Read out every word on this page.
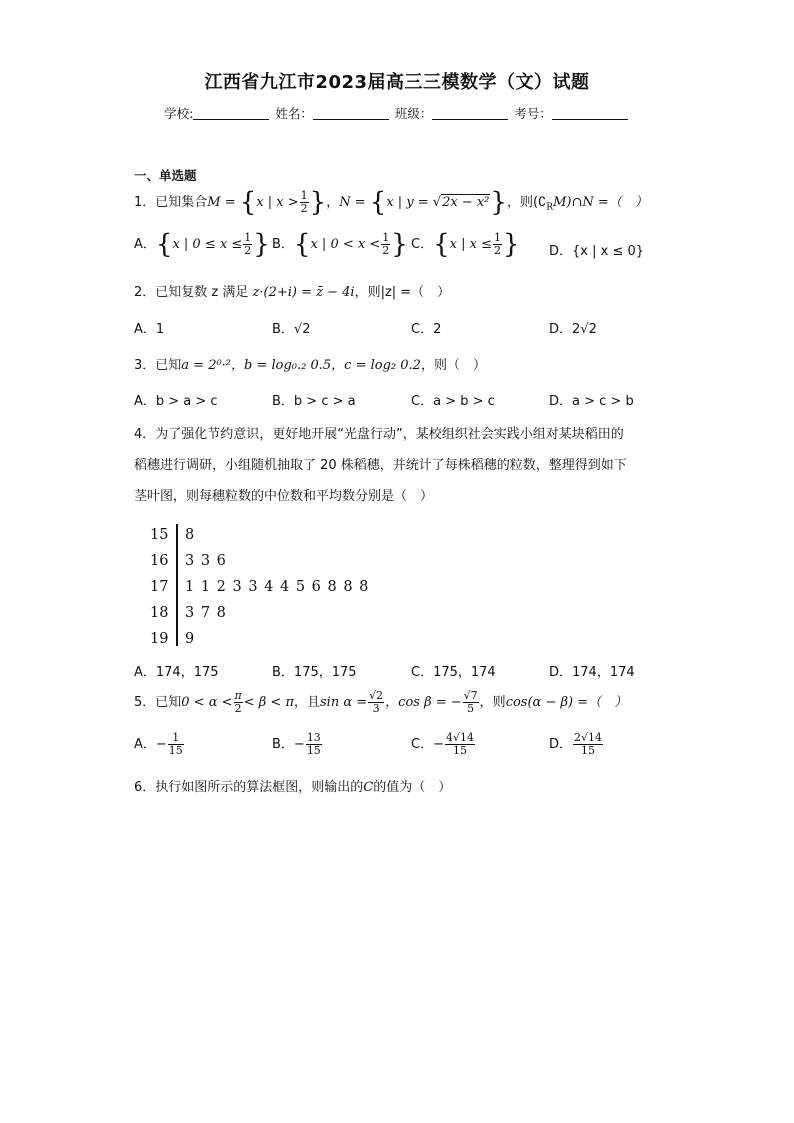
江西省九江市2023届高三三模数学（文）试题
学校:	姓名：	班级：	考号：
一、单选题
1．已知集合M = {x | $x > \frac{1}{2}$ }，N = {x | y = √2x − x²}，则$(∁_RM)\cap N$ =（　）
A．{x | $0 \le x \le \frac{1}{2}$ } B．{x | $0 < x < \frac{1}{2}$ } C．{x | $x \le \frac{1}{2}$ } D．{x | x ≤ 0}
2．已知复数 z 满足 z·(2+i) = z̄ − 4i，则|z| =（　）
A．1	B．√2	C．2	D．2√2
3．已知a = 2⁰·²，b = log₀.₂ 0.5，c = log₂ 0.2，则（　）
A．b > a > c	B．b > c > a	C．a > b > c	D．a > c > b
4．为了强化节约意识，更好地开展“光盘行动”，某校组织社会实践小组对某块稻田的
稻穗进行调研，小组随机抽取了 20 株稻穗，并统计了每株稻穗的粒数，整理得到如下
茎叶图，则每穗粒数的中位数和平均数分别是（　）
15	8
16	3 3 6
17	1 1 2 3 3 4 4 5 6 8 8 8
18	3 7 8
19	9
A．174，175	B．175，175	C．175，174	D．174，174
5．已知$0 < \alpha < \frac{\pi}{2} < \beta < \pi$，且$\sin \alpha = \frac{√2}{3}$ ，cos β = − $\frac{√7}{5}$ ，则cos(α − β) =（　）
A．− $\frac{1}{15}$	B．− $\frac{13}{15}$	C．− $\frac{4√14}{15}$	D． $\frac{2√14}{15}$
6．执行如图所示的算法框图，则输出的C的值为（　）
